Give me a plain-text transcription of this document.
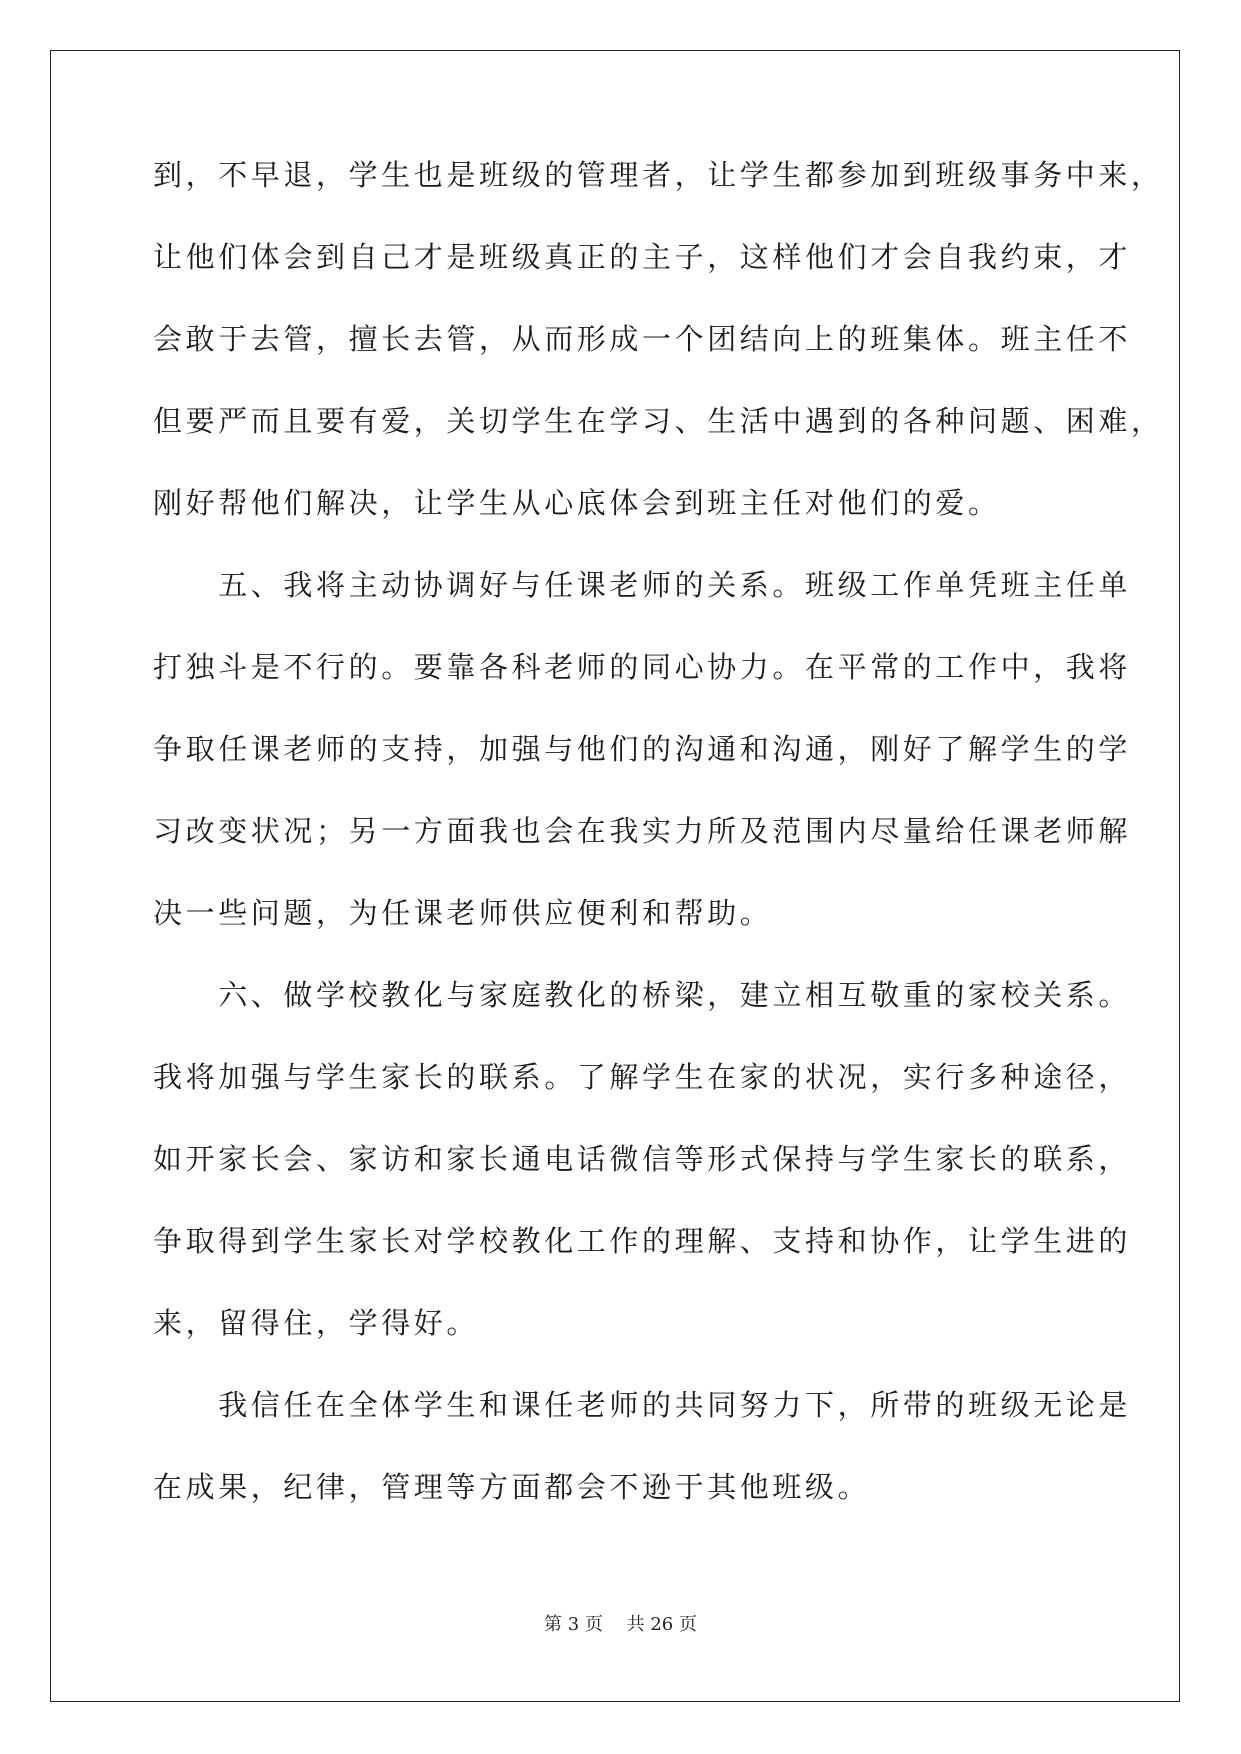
到，不早退，学生也是班级的管理者，让学生都参加到班级事务中来，
让他们体会到自己才是班级真正的主子，这样他们才会自我约束，才
会敢于去管，擅长去管，从而形成一个团结向上的班集体。班主任不
但要严而且要有爱，关切学生在学习、生活中遇到的各种问题、困难，
刚好帮他们解决，让学生从心底体会到班主任对他们的爱。
　　五、我将主动协调好与任课老师的关系。班级工作单凭班主任单
打独斗是不行的。要靠各科老师的同心协力。在平常的工作中，我将
争取任课老师的支持，加强与他们的沟通和沟通，刚好了解学生的学
习改变状况；另一方面我也会在我实力所及范围内尽量给任课老师解
决一些问题，为任课老师供应便利和帮助。
　　六、做学校教化与家庭教化的桥梁，建立相互敬重的家校关系。
我将加强与学生家长的联系。了解学生在家的状况，实行多种途径，
如开家长会、家访和家长通电话微信等形式保持与学生家长的联系，
争取得到学生家长对学校教化工作的理解、支持和协作，让学生进的
来，留得住，学得好。
　　我信任在全体学生和课任老师的共同努力下，所带的班级无论是
在成果，纪律，管理等方面都会不逊于其他班级。
第 3 页　 共 26 页
